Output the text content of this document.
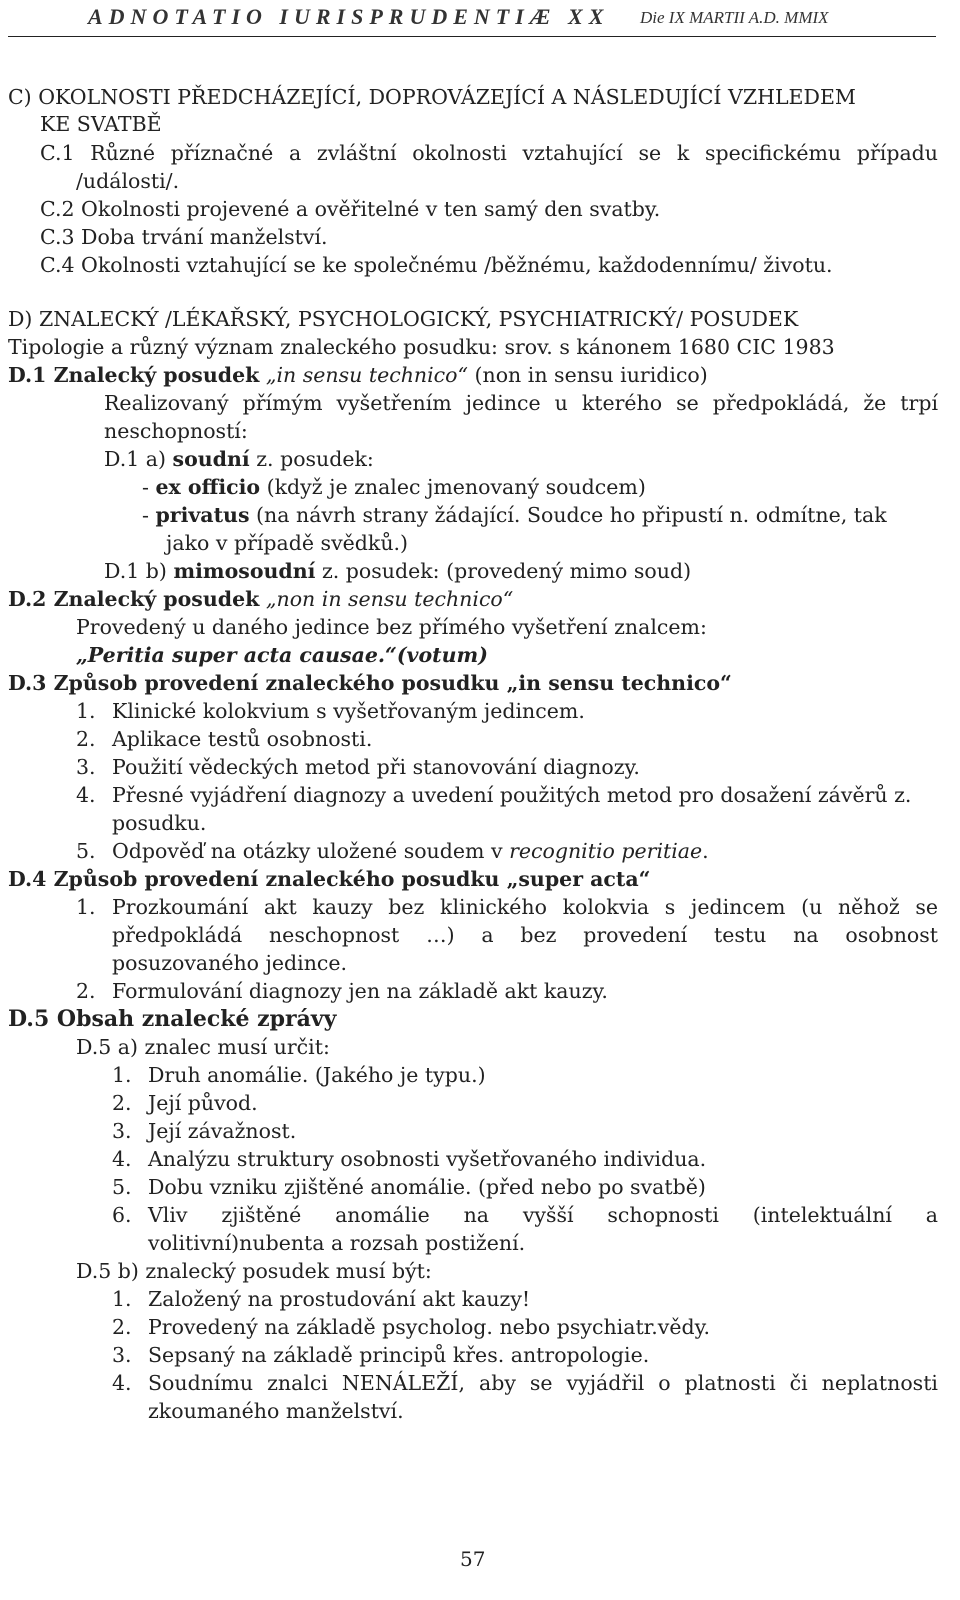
ADNOTATIO IURISPRUDENTIÆ XX Die IX MARTII A.D. MMIX
C) OKOLNOSTI PŘEDCHÁZEJÍCÍ, DOPROVÁZEJÍCÍ A NÁSLEDUJÍCÍ VZHLEDEM
KE SVATBĚ
C.1 Různé příznačné a zvláštní okolnosti vztahující se k specifickému případu
/události/.
C.2 Okolnosti projevené a ověřitelné v ten samý den svatby.
C.3 Doba trvání manželství.
C.4 Okolnosti vztahující se ke společnému /běžnému, každodennímu/ životu.
D) ZNALECKÝ /LÉKAŘSKÝ, PSYCHOLOGICKÝ, PSYCHIATRICKÝ/ POSUDEK
Tipologie a různý význam znaleckého posudku: srov. s kánonem 1680 CIC 1983
D.1 Znalecký posudek „in sensu technico“ (non in sensu iuridico)
Realizovaný přímým vyšetřením jedince u kterého se předpokládá, že trpí
neschopností:
D.1 a) soudní z. posudek:
- ex officio (když je znalec jmenovaný soudcem)
- privatus (na návrh strany žádající. Soudce ho připustí n. odmítne, tak
jako v případě svědků.)
D.1 b) mimosoudní z. posudek: (provedený mimo soud)
D.2 Znalecký posudek „non in sensu technico“
Provedený u daného jedince bez přímého vyšetření znalcem:
„Peritia super acta causae.“(votum)
D.3 Způsob provedení znaleckého posudku „in sensu technico“
1. Klinické kolokvium s vyšetřovaným jedincem.
2. Aplikace testů osobnosti.
3. Použití vědeckých metod při stanovování diagnozy.
4. Přesné vyjádření diagnozy a uvedení použitých metod pro dosažení závěrů z.
posudku.
5. Odpověď na otázky uložené soudem v recognitio peritiae.
D.4 Způsob provedení znaleckého posudku „super acta“
1. Prozkoumání akt kauzy bez klinického kolokvia s jedincem (u něhož se
předpokládá neschopnost …) a bez provedení testu na osobnost
posuzovaného jedince.
2. Formulování diagnozy jen na základě akt kauzy.
D.5 Obsah znalecké zprávy
D.5 a) znalec musí určit:
1. Druh anomálie. (Jakého je typu.)
2. Její původ.
3. Její závažnost.
4. Analýzu struktury osobnosti vyšetřovaného individua.
5. Dobu vzniku zjištěné anomálie. (před nebo po svatbě)
6. Vliv zjištěné anomálie na vyšší schopnosti (intelektuální a
volitivní)nubenta a rozsah postižení.
D.5 b) znalecký posudek musí být:
1. Založený na prostudování akt kauzy!
2. Provedený na základě psycholog. nebo psychiatr.vědy.
3. Sepsaný na základě principů křes. antropologie.
4. Soudnímu znalci NENÁLEŽÍ, aby se vyjádřil o platnosti či neplatnosti
zkoumaného manželství.
57
